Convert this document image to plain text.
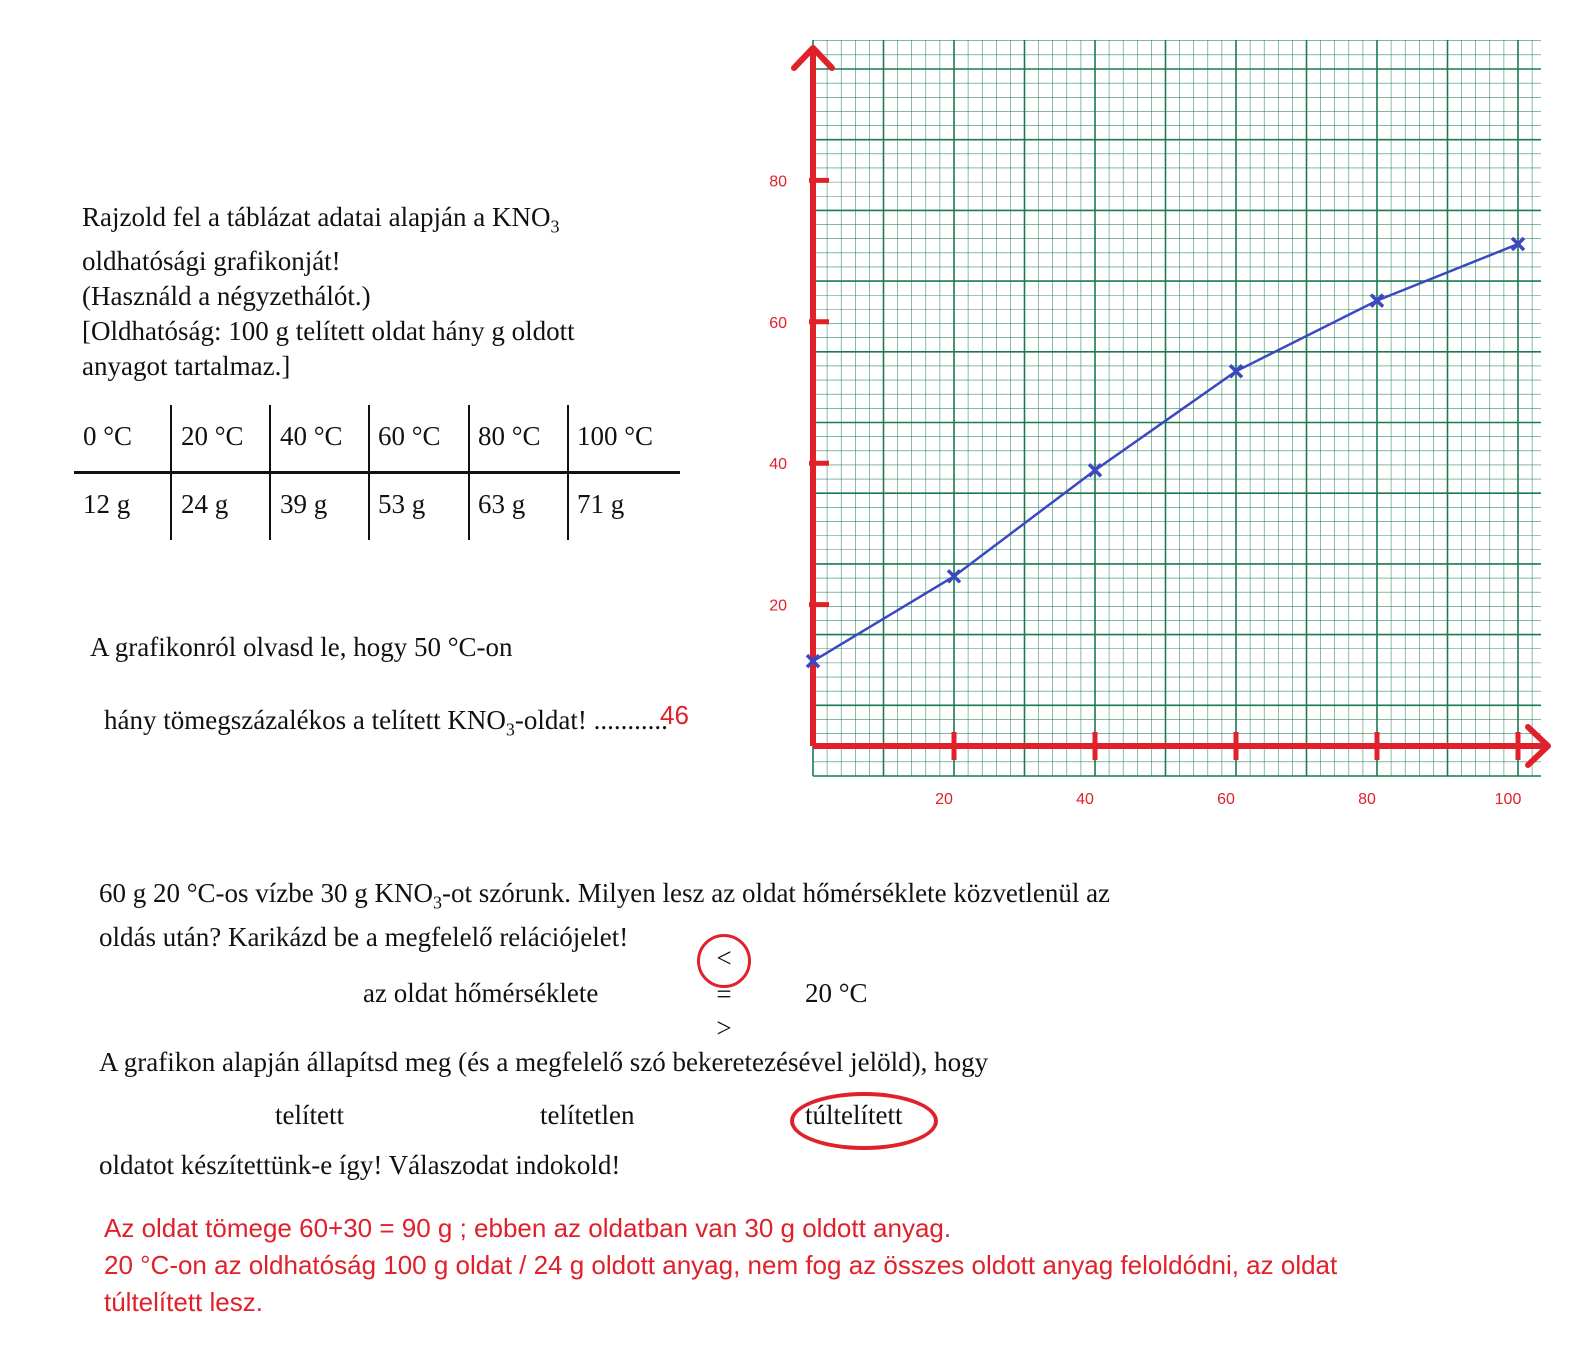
Rajzold fel a táblázat adatai alapján a $KNO_3$
oldhatósági grafikonját!
(Használd a négyzethálót.)
[Oldhatóság: 100 g telített oldat hány g oldott
anyagot tartalmaz.]
0 °C	20 °C	40 °C	60 °C	80 °C	100 °C
12 g	24 g	39 g	53 g	63 g	71 g
A grafikonról olvasd le, hogy 50 °C-on
hány tömegszázalékos a telített $KNO_3$-oldat! ...........
46
20	40	60	80	100
20
40
60
80
60 g 20 °C-os vízbe 30 g $KNO_3-ot$ szórunk. Milyen lesz az oldat hőmérséklete közvetlenül az
oldás után? Karikázd be a megfelelő relációjelet!
az oldat hőmérséklete
<
=
>
20 °C
A grafikon alapján állapítsd meg (és a megfelelő szó bekeretezésével jelöld), hogy
telített	telítetlen	túltelített
oldatot készítettünk-e így! Válaszodat indokold!
Az oldat tömege 60+30 = 90 g ; ebben az oldatban van 30 g oldott anyag.
20 °C-on az oldhatóság 100 g oldat / 24 g oldott anyag, nem fog az összes oldott anyag feloldódni, az oldat
túltelített lesz.
